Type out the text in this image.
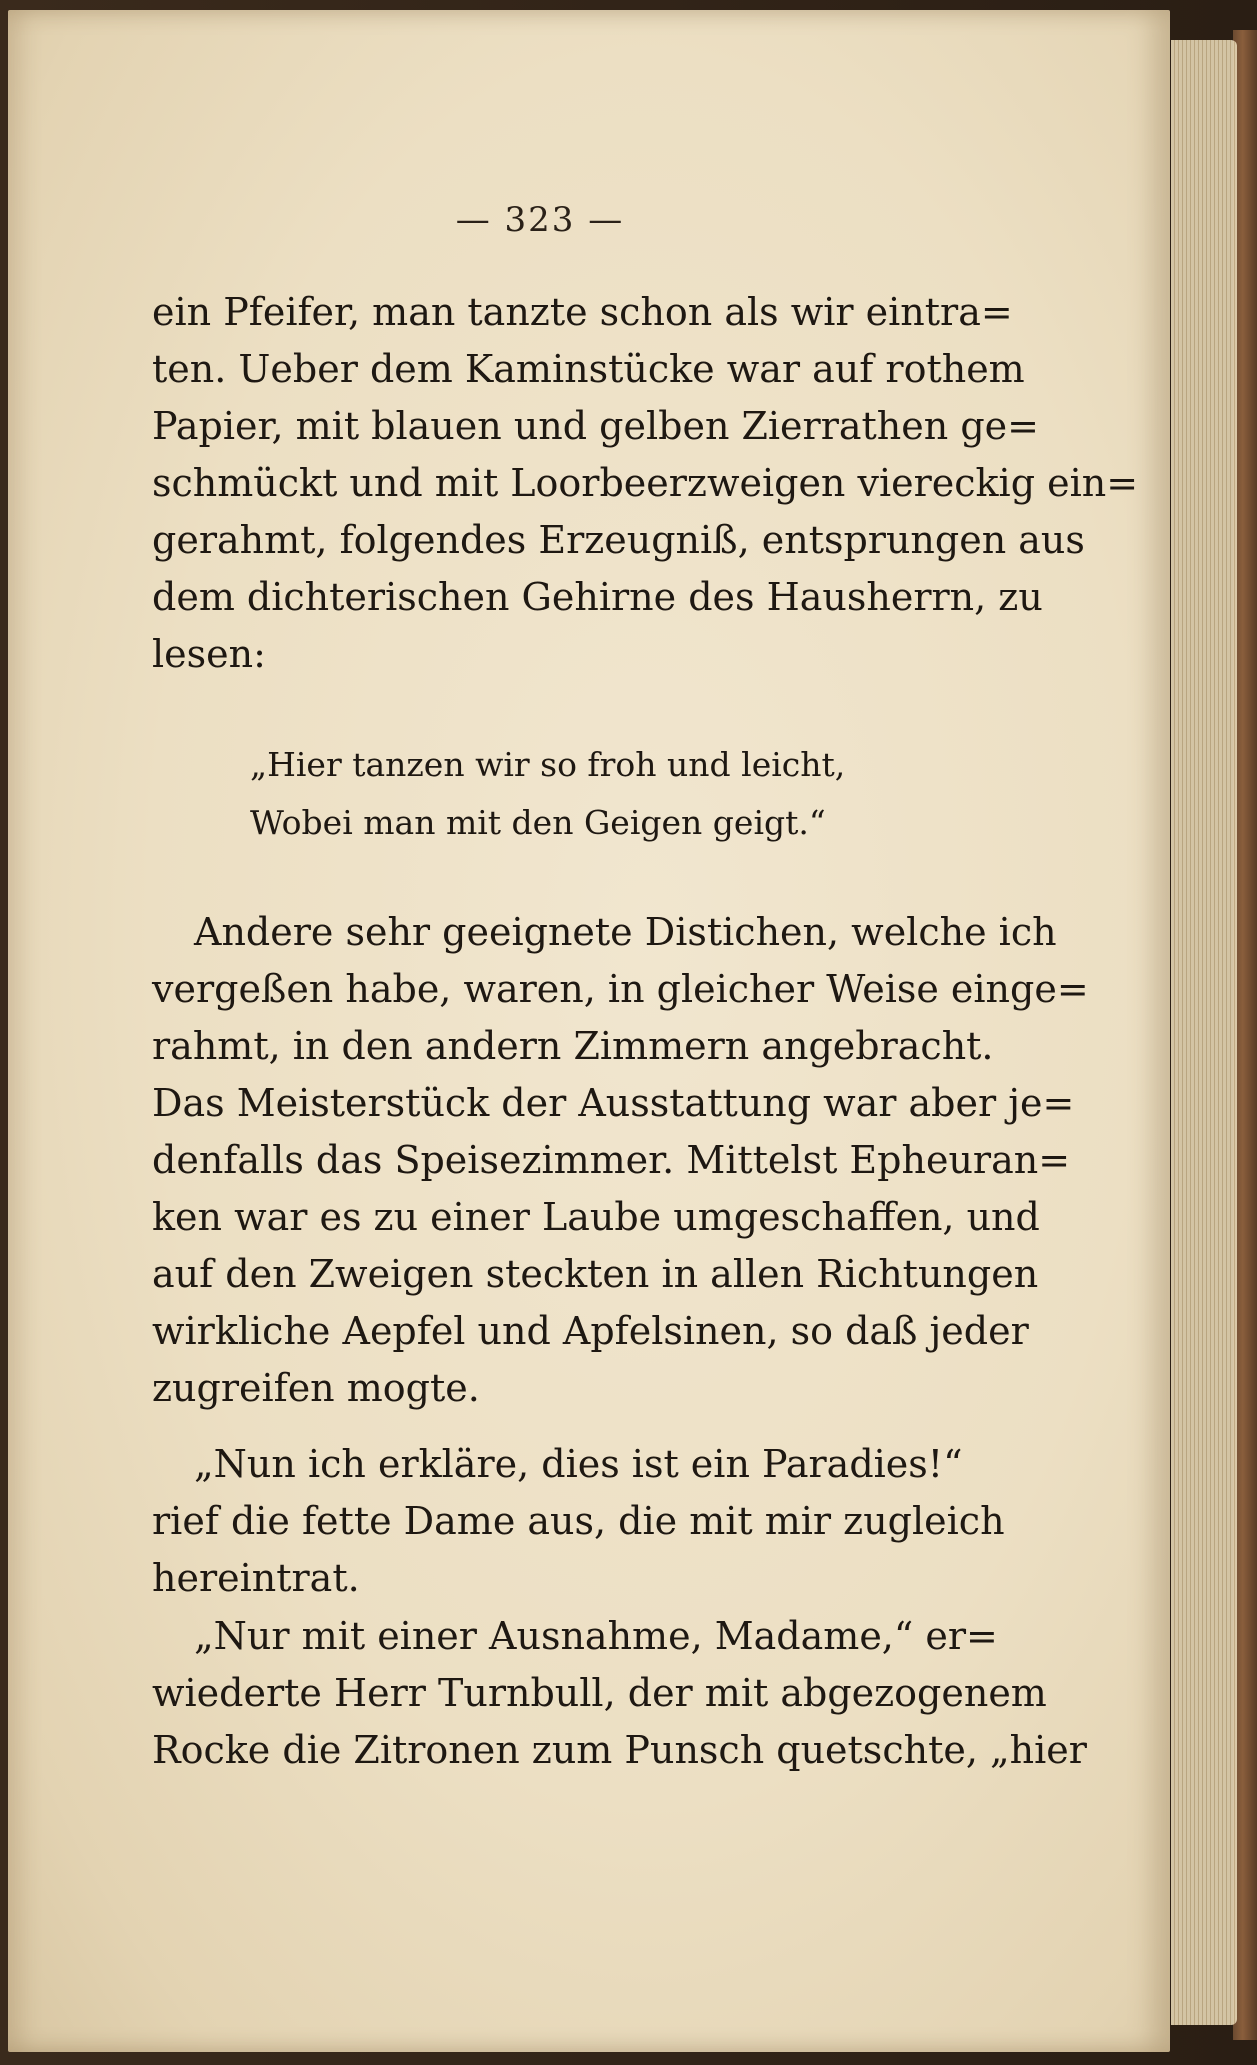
— 323 —
ein Pfeifer, man tanzte schon als wir eintra=
ten. Ueber dem Kaminstücke war auf rothem
Papier, mit blauen und gelben Zierrathen ge=
schmückt und mit Loorbeerzweigen viereckig ein=
gerahmt, folgendes Erzeugniß, entsprungen aus
dem dichterischen Gehirne des Hausherrn, zu
lesen:
„Hier tanzen wir so froh und leicht,
Wobei man mit den Geigen geigt.“
Andere sehr geeignete Distichen, welche ich
vergeßen habe, waren, in gleicher Weise einge=
rahmt, in den andern Zimmern angebracht.
Das Meisterstück der Ausstattung war aber je=
denfalls das Speisezimmer. Mittelst Epheuran=
ken war es zu einer Laube umgeschaffen, und
auf den Zweigen steckten in allen Richtungen
wirkliche Aepfel und Apfelsinen, so daß jeder
zugreifen mogte.
„Nun ich erkläre, dies ist ein Paradies!“
rief die fette Dame aus, die mit mir zugleich
hereintrat.
„Nur mit einer Ausnahme, Madame,“ er=
wiederte Herr Turnbull, der mit abgezogenem
Rocke die Zitronen zum Punsch quetschte, „hier
